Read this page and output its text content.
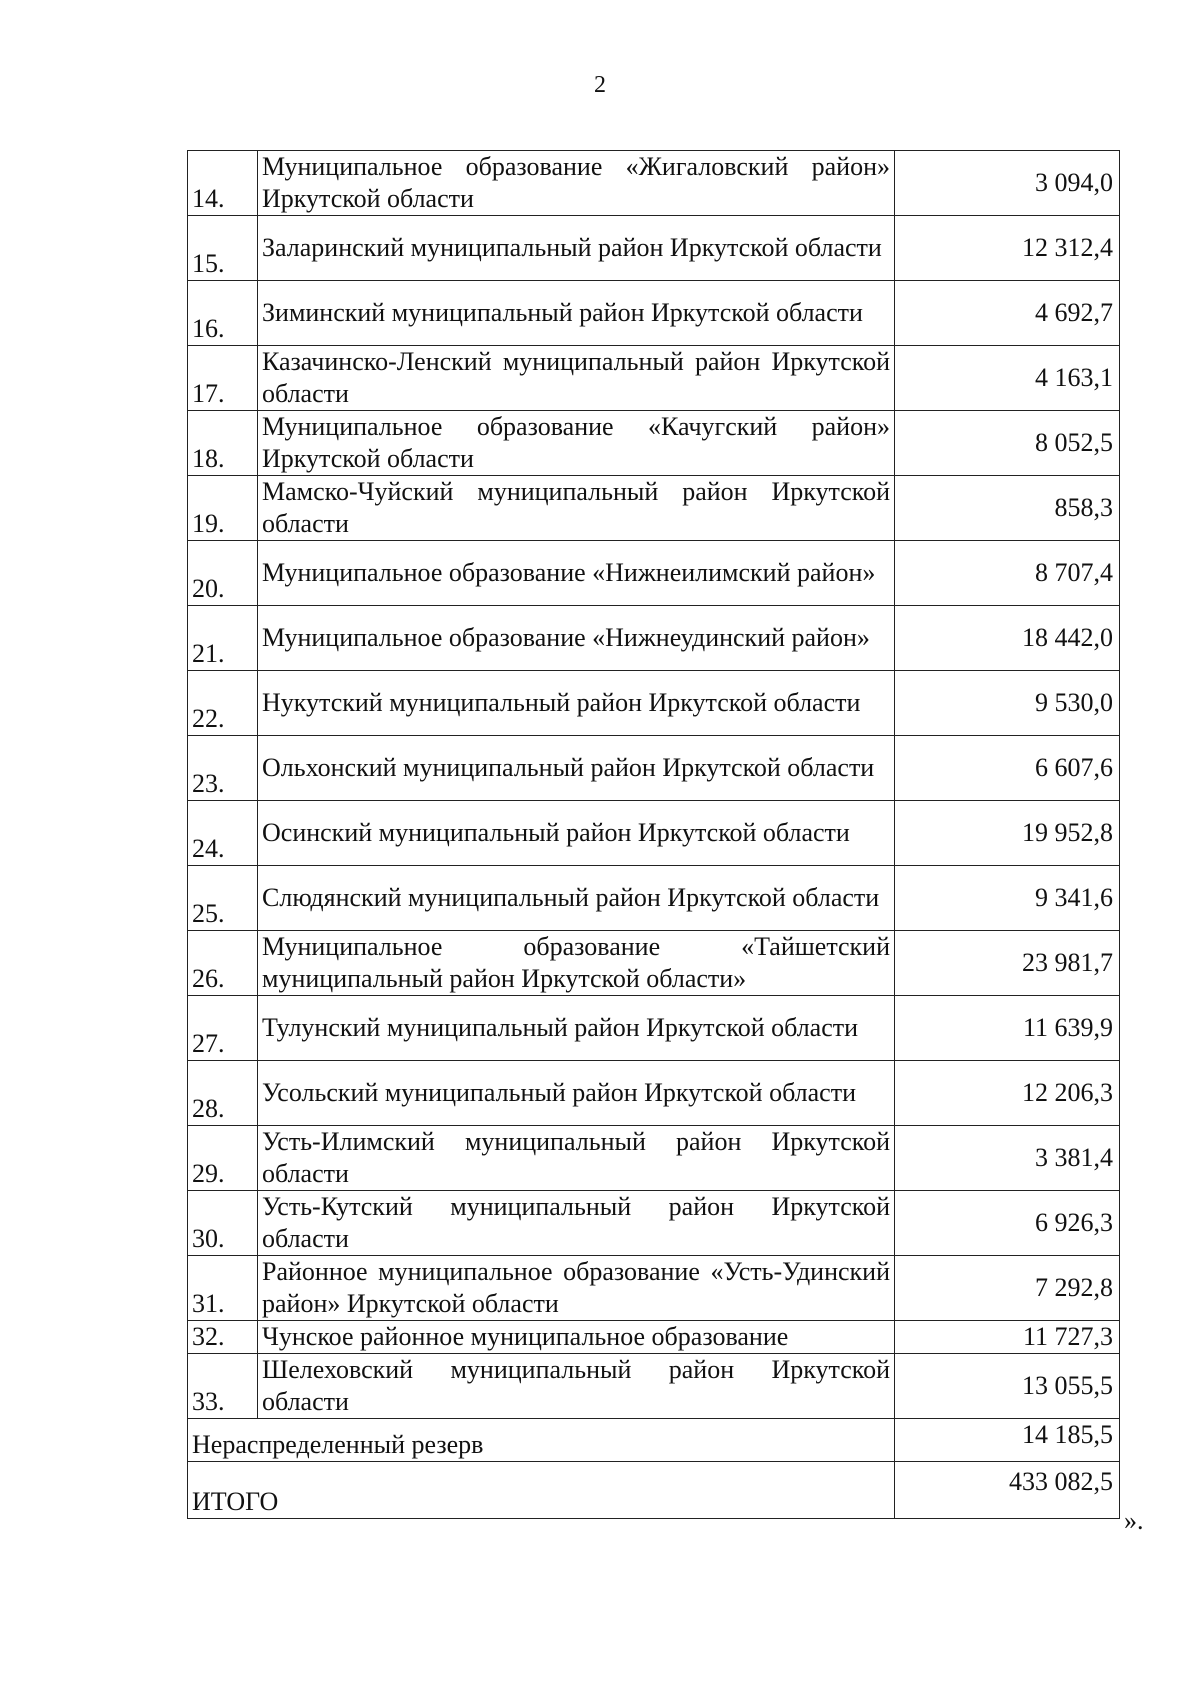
2
14.	Муниципальное образование «Жигаловский район» Иркутской области	3 094,0
15.	Заларинский муниципальный район Иркутской области	12 312,4
16.	Зиминский муниципальный район Иркутской области	4 692,7
17.	Казачинско-Ленский муниципальный район Иркутской области	4 163,1
18.	Муниципальное образование «Качугский район» Иркутской области	8 052,5
19.	Мамско-Чуйский муниципальный район Иркутской области	858,3
20.	Муниципальное образование «Нижнеилимский район»	8 707,4
21.	Муниципальное образование «Нижнеудинский район»	18 442,0
22.	Нукутский муниципальный район Иркутской области	9 530,0
23.	Ольхонский муниципальный район Иркутской области	6 607,6
24.	Осинский муниципальный район Иркутской области	19 952,8
25.	Слюдянский муниципальный район Иркутской области	9 341,6
26.	Муниципальное образование «Тайшетский муниципальный район Иркутской области»	23 981,7
27.	Тулунский муниципальный район Иркутской области	11 639,9
28.	Усольский муниципальный район Иркутской области	12 206,3
29.	Усть-Илимский муниципальный район Иркутской области	3 381,4
30.	Усть-Кутский муниципальный район Иркутской области	6 926,3
31.	Районное муниципальное образование «Усть-Удинский район» Иркутской области	7 292,8
32.	Чунское районное муниципальное образование	11 727,3
33.	Шелеховский муниципальный район Иркутской области	13 055,5
Нераспределенный резерв		14 185,5
ИТОГО		433 082,5
».
